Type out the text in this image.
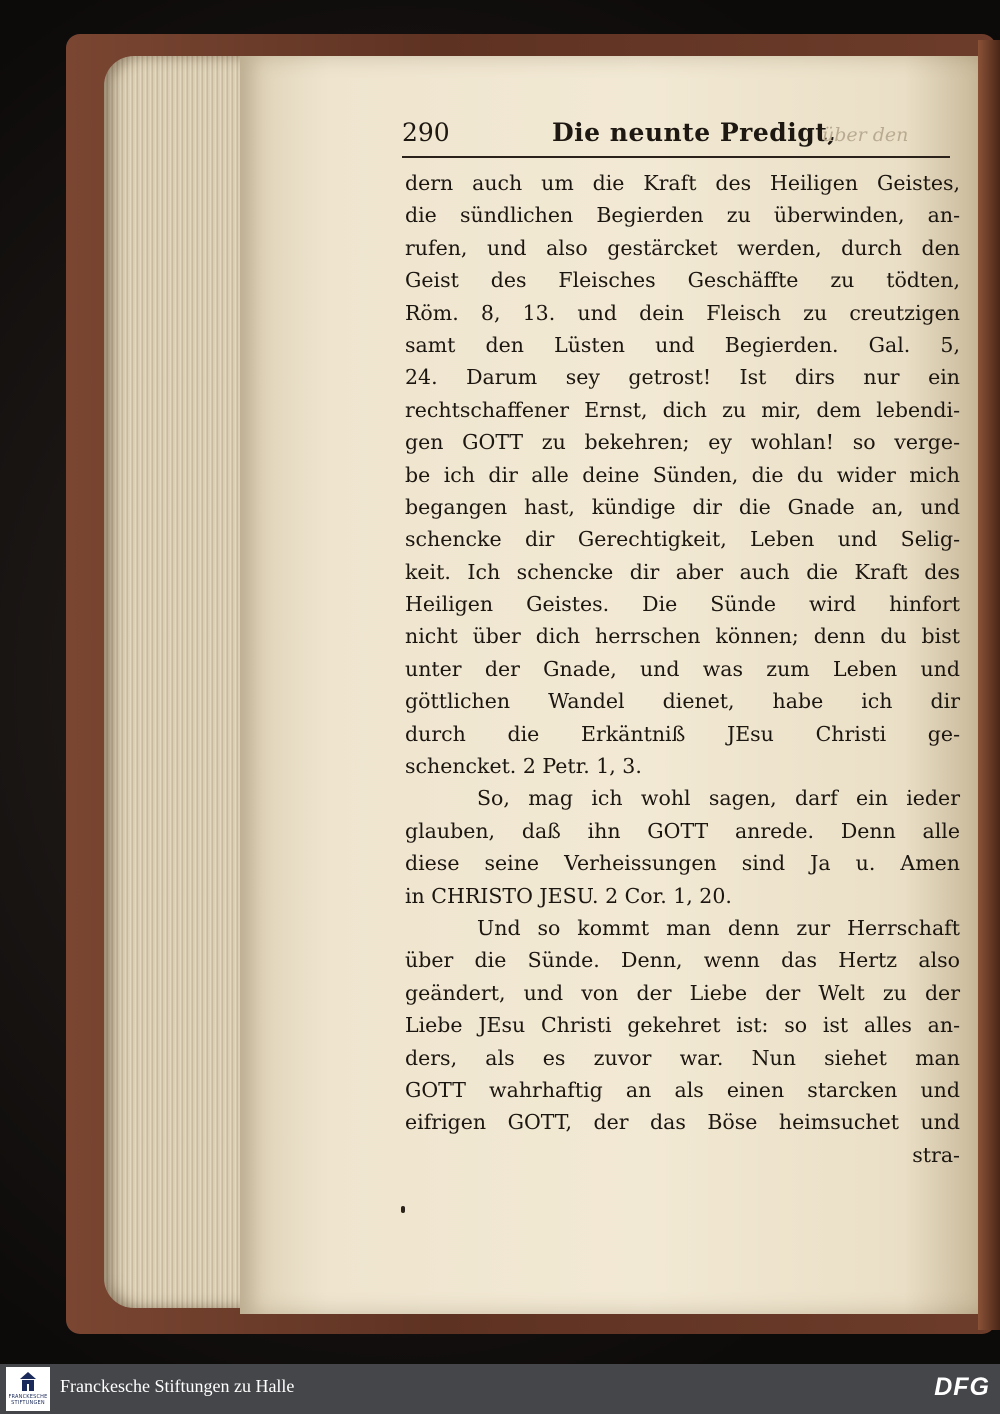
290	Die neunte Predigt,
über den
dern auch um die Kraft des Heiligen Geistes,
die sündlichen Begierden zu überwinden, an-
rufen, und also gestärcket werden, durch den
Geist des Fleisches Geschäffte zu tödten,
Röm. 8, 13. und dein Fleisch zu creutzigen
samt den Lüsten und Begierden. Gal. 5,
24. Darum sey getrost! Ist dirs nur ein
rechtschaffener Ernst, dich zu mir, dem lebendi-
gen GOTT zu bekehren; ey wohlan! so verge-
be ich dir alle deine Sünden, die du wider mich
begangen hast, kündige dir die Gnade an, und
schencke dir Gerechtigkeit, Leben und Selig-
keit. Ich schencke dir aber auch die Kraft des
Heiligen Geistes. Die Sünde wird hinfort
nicht über dich herrschen können; denn du bist
unter der Gnade, und was zum Leben und
göttlichen Wandel dienet, habe ich dir
durch die Erkäntniß JEsu Christi ge-
schencket. 2 Petr. 1, 3.
So, mag ich wohl sagen, darf ein ieder
glauben, daß ihn GOTT anrede. Denn alle
diese seine Verheissungen sind Ja u. Amen
in CHRISTO JESU. 2 Cor. 1, 20.
Und so kommt man denn zur Herrschaft
über die Sünde. Denn, wenn das Hertz also
geändert, und von der Liebe der Welt zu der
Liebe JEsu Christi gekehret ist: so ist alles an-
ders, als es zuvor war. Nun siehet man
GOTT wahrhaftig an als einen starcken und
eifrigen GOTT, der das Böse heimsuchet und
stra-
FRANCKESCHE STIFTUNGEN
Franckesche Stiftungen zu Halle	DFG
